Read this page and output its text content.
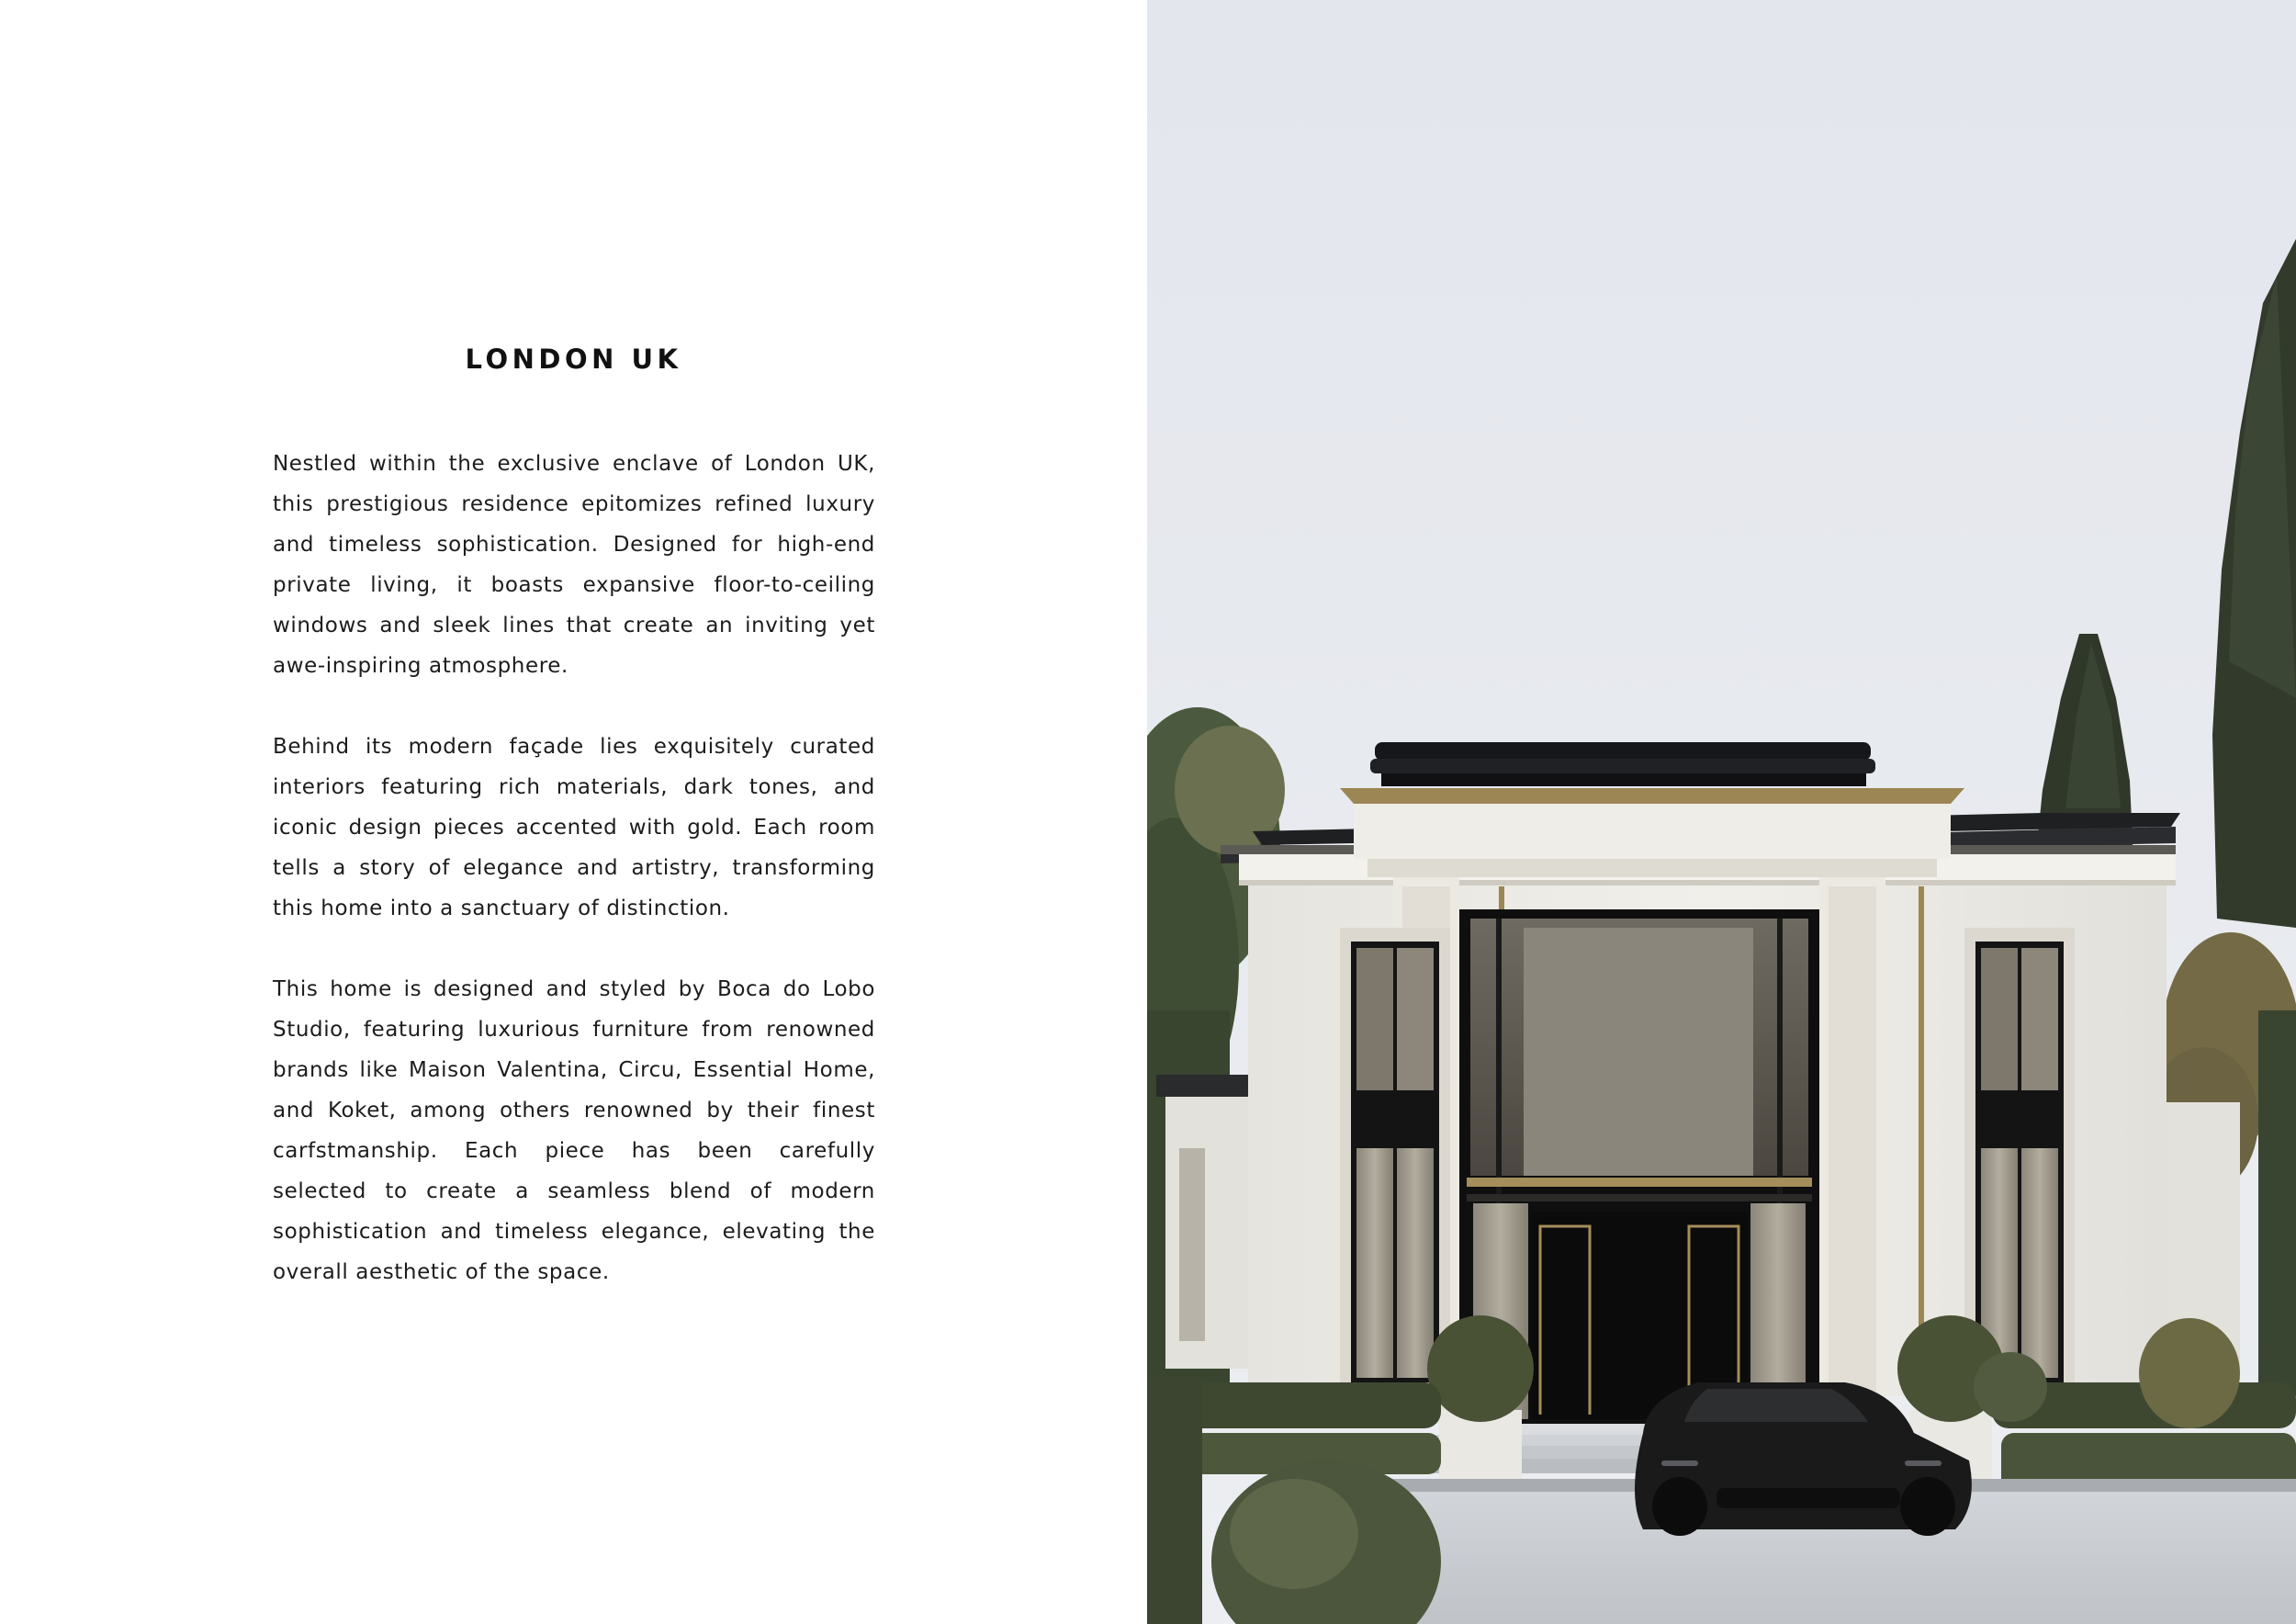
LONDON UK

Nestled within the exclusive enclave of London UK, this prestigious residence epitomizes refined luxury and timeless sophistication. Designed for high-end private living, it boasts expansive floor-to-ceiling windows and sleek lines that create an inviting yet awe-inspiring atmosphere.

Behind its modern façade lies exquisitely curated interiors featuring rich materials, dark tones, and iconic design pieces accented with gold. Each room tells a story of elegance and artistry, transforming this home into a sanctuary of distinction.

This home is designed and styled by Boca do Lobo Studio, featuring luxurious furniture from renowned brands like Maison Valentina, Circu, Essential Home, and Koket, among others renowned by their finest carfstmanship. Each piece has been carefully selected to create a seamless blend of modern sophistication and timeless elegance, elevating the overall aesthetic of the space.
